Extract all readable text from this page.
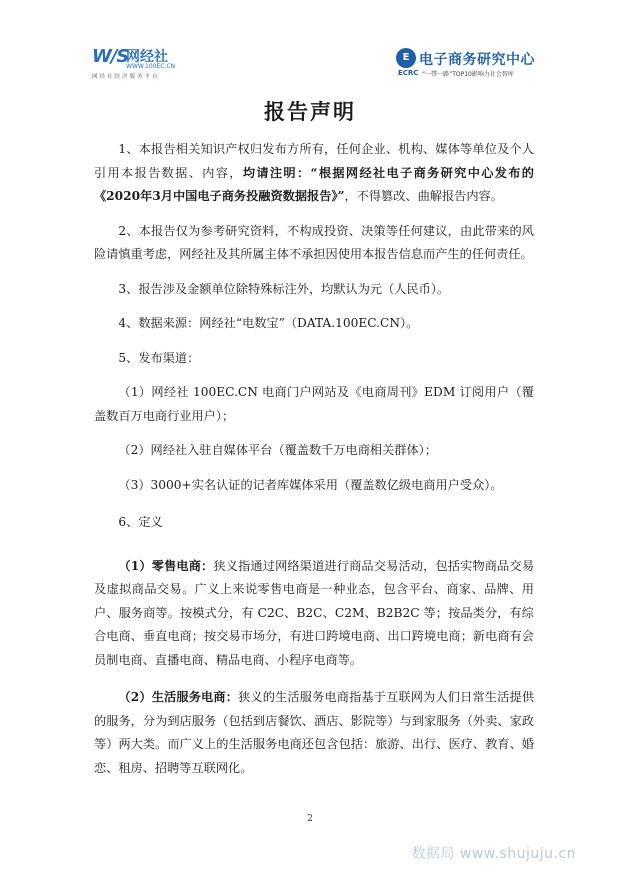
W/S
网经社
WWW.100EC.CN
网经社经济服务平台
E
ECRC
电子商务研究中心
“一带一路”TOP10影响力社会智库
报告声明

1、本报告相关知识产权归发布方所有，任何企业、机构、媒体等单位及个人引用本报告数据、内容，均请注明：“根据网经社电子商务研究中心发布的《2020年3月中国电子商务投融资数据报告》”，不得篡改、曲解报告内容。

2、本报告仅为参考研究资料，不构成投资、决策等任何建议，由此带来的风险请慎重考虑，网经社及其所属主体不承担因使用本报告信息而产生的任何责任。

3、报告涉及金额单位除特殊标注外，均默认为元（人民币）。

4、数据来源：网经社“电数宝”（DATA.100EC.CN）。

5、发布渠道：

（1）网经社 100EC.CN 电商门户网站及《电商周刊》EDM 订阅用户（覆盖数百万电商行业用户）；

（2）网经社入驻自媒体平台（覆盖数千万电商相关群体）；

（3）3000+实名认证的记者库媒体采用（覆盖数亿级电商用户受众）。

6、定义

（1）零售电商：狭义指通过网络渠道进行商品交易活动，包括实物商品交易及虚拟商品交易。广义上来说零售电商是一种业态，包含平台、商家、品牌、用户、服务商等。按模式分，有 C2C、B2C、C2M、B2B2C 等；按品类分，有综合电商、垂直电商；按交易市场分，有进口跨境电商、出口跨境电商；新电商有会员制电商、直播电商、精品电商、小程序电商等。

（2）生活服务电商：狭义的生活服务电商指基于互联网为人们日常生活提供的服务，分为到店服务（包括到店餐饮、酒店、影院等）与到家服务（外卖、家政等）两大类。而广义上的生活服务电商还包含包括：旅游、出行、医疗、教育、婚恋、租房、招聘等互联网化。

2
数据局 www.shujuju.cn
